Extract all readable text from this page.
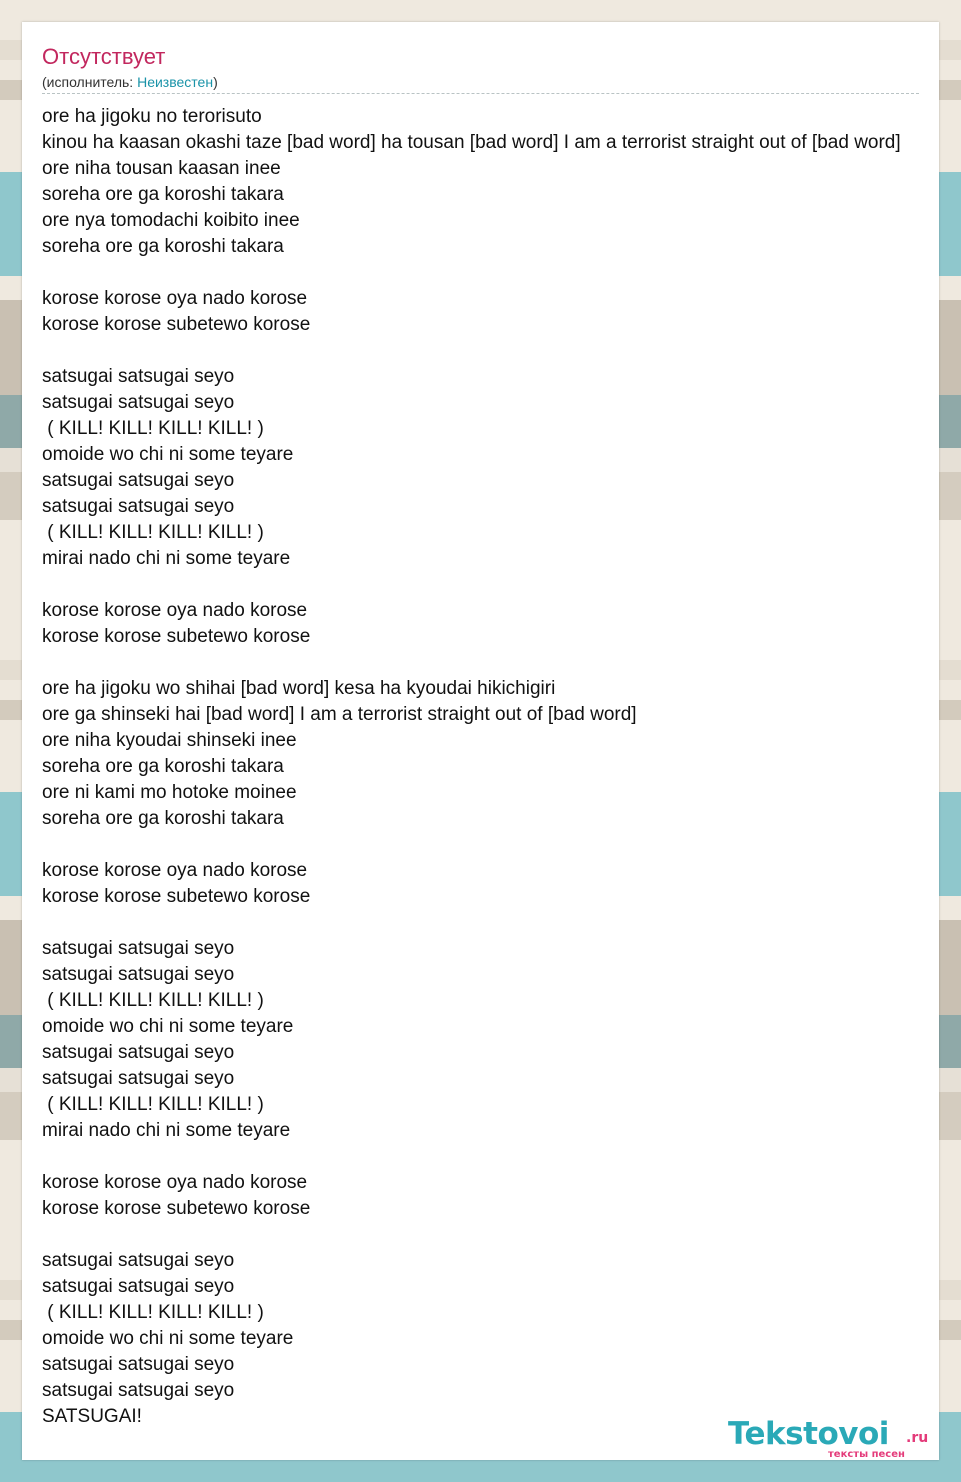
Отсутствует
(исполнитель: Неизвестен)
ore ha jigoku no terorisuto
kinou ha kaasan okashi taze [bad word] ha tousan [bad word] I am a terrorist straight out of [bad word]
ore niha tousan kaasan inee
soreha ore ga koroshi takara
ore nya tomodachi koibito inee
soreha ore ga koroshi takara
korose korose oya nado korose
korose korose subetewo korose
satsugai satsugai seyo
satsugai satsugai seyo
( KILL! KILL! KILL! KILL! )
omoide wo chi ni some teyare
satsugai satsugai seyo
satsugai satsugai seyo
( KILL! KILL! KILL! KILL! )
mirai nado chi ni some teyare
korose korose oya nado korose
korose korose subetewo korose
ore ha jigoku wo shihai [bad word] kesa ha kyoudai hikichigiri
ore ga shinseki hai [bad word] I am a terrorist straight out of [bad word]
ore niha kyoudai shinseki inee
soreha ore ga koroshi takara
ore ni kami mo hotoke moinee
soreha ore ga koroshi takara
korose korose oya nado korose
korose korose subetewo korose
satsugai satsugai seyo
satsugai satsugai seyo
( KILL! KILL! KILL! KILL! )
omoide wo chi ni some teyare
satsugai satsugai seyo
satsugai satsugai seyo
( KILL! KILL! KILL! KILL! )
mirai nado chi ni some teyare
korose korose oya nado korose
korose korose subetewo korose
satsugai satsugai seyo
satsugai satsugai seyo
( KILL! KILL! KILL! KILL! )
omoide wo chi ni some teyare
satsugai satsugai seyo
satsugai satsugai seyo
SATSUGAI!	Tekstovoi .ru
тексты песен
